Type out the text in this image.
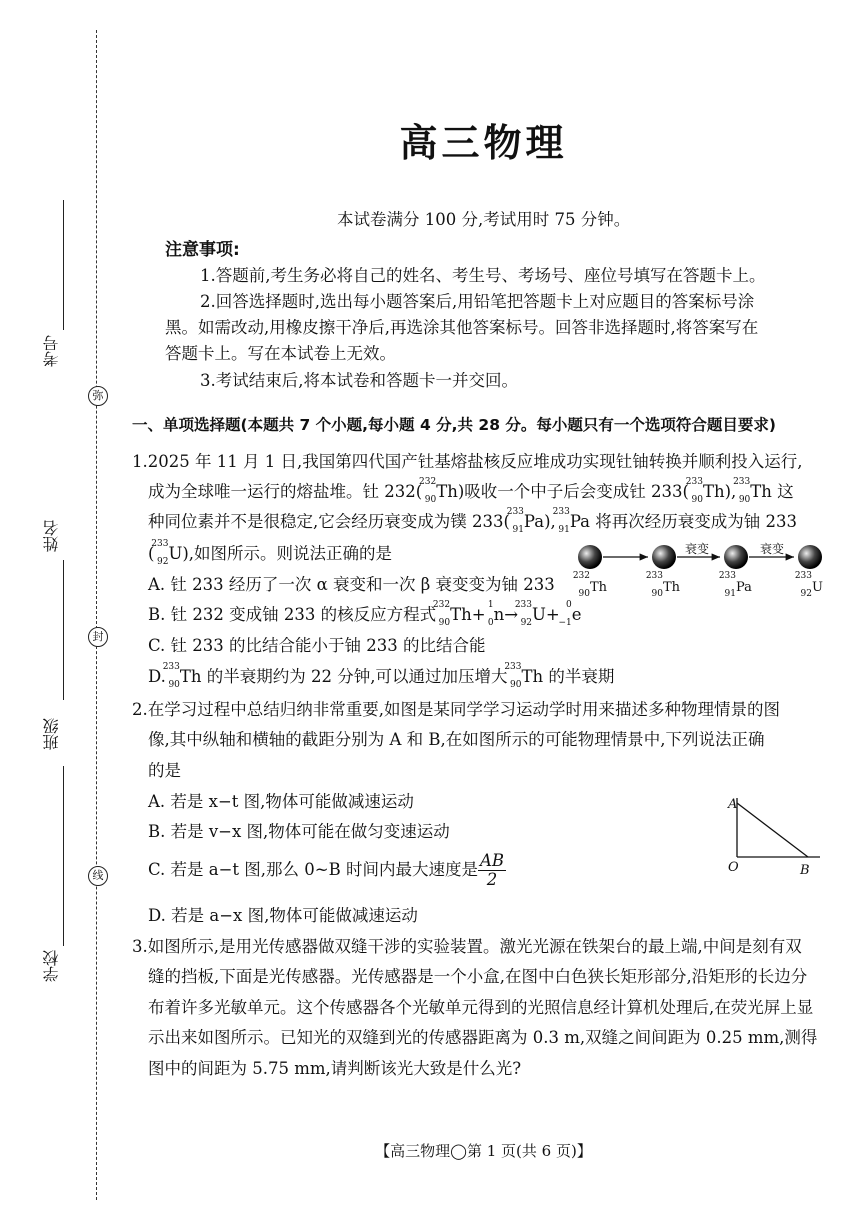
弥
封
线
考号
姓名
班级
学校
高三物理
本试卷满分 100 分,考试用时 75 分钟。
注意事项:
1.答题前,考生务必将自己的姓名、考生号、考场号、座位号填写在答题卡上。
2.回答选择题时,选出每小题答案后,用铅笔把答题卡上对应题目的答案标号涂
黑。如需改动,用橡皮擦干净后,再选涂其他答案标号。回答非选择题时,将答案写在
答题卡上。写在本试卷上无效。
3.考试结束后,将本试卷和答题卡一并交回。
一、单项选择题(本题共 7 个小题,每小题 4 分,共 28 分。每小题只有一个选项符合题目要求)
1.2025 年 11 月 1 日,我国第四代国产钍基熔盐核反应堆成功实现钍铀转换并顺利投入运行,
成为全球唯一运行的熔盐堆。钍 232(
232
90 Th)吸收一个中子后会变成钍 233(
233
90 Th),
233
90 Th 这
种同位素并不是很稳定,它会经历衰变成为镤 233(
233
91 Pa),
233
91 Pa 将再次经历衰变成为铀 233
(
233
92 U),如图所示。则说法正确的是
A. 钍 233 经历了一次 α 衰变和一次 β 衰变变为铀 233
B. 钍 232 变成铀 233 的核反应方程式
232
90 Th+ 1
0 n→
233
92 U+ 0
−1 e
C. 钍 233 的比结合能小于铀 233 的比结合能
D.
233
90 Th 的半衰期约为 22 分钟,可以通过加压增大
233
90 Th 的半衰期
衰变	衰变
232
90 Th
233
90 Th
233
91 Pa
233
92 U
2.在学习过程中总结归纳非常重要,如图是某同学学习运动学时用来描述多种物理情景的图
像,其中纵轴和横轴的截距分别为 A 和 B,在如图所示的可能物理情景中,下列说法正确
的是
A. 若是 x−t 图,物体可能做减速运动
B. 若是 v−x 图,物体可能在做匀变速运动
C. 若是 a−t 图,那么 0~B 时间内最大速度是 $\frac{AB}{2}$
D. 若是 a−x 图,物体可能做减速运动
A
O	B
3.如图所示,是用光传感器做双缝干涉的实验装置。激光光源在铁架台的最上端,中间是刻有双
缝的挡板,下面是光传感器。光传感器是一个小盒,在图中白色狭长矩形部分,沿矩形的长边分
布着许多光敏单元。这个传感器各个光敏单元得到的光照信息经计算机处理后,在荧光屏上显
示出来如图所示。已知光的双缝到光的传感器距离为 0.3 m,双缝之间间距为 0.25 mm,测得
图中的间距为 5.75 mm,请判断该光大致是什么光?
【高三物理◯第 1 页(共 6 页)】
